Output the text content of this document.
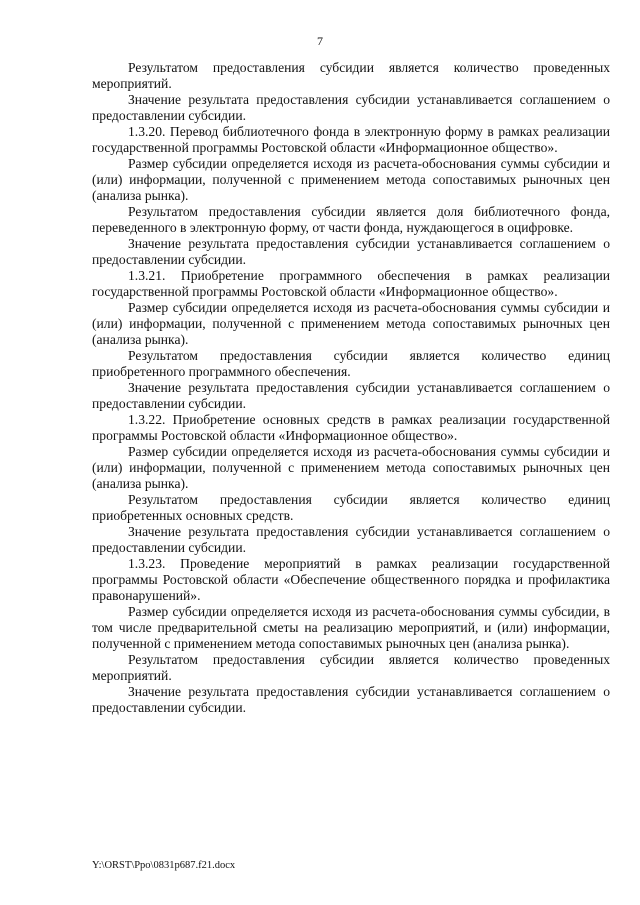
7

Результатом предоставления субсидии является количество проведенных мероприятий.

Значение результата предоставления субсидии устанавливается соглашением о предоставлении субсидии.

1.3.20. Перевод библиотечного фонда в электронную форму в рамках реализации государственной программы Ростовской области «Информационное общество».

Размер субсидии определяется исходя из расчета-обоснования суммы субсидии и (или) информации, полученной с применением метода сопоставимых рыночных цен (анализа рынка).

Результатом предоставления субсидии является доля библиотечного фонда, переведенного в электронную форму, от части фонда, нуждающегося в оцифровке.

Значение результата предоставления субсидии устанавливается соглашением о предоставлении субсидии.

1.3.21. Приобретение программного обеспечения в рамках реализации государственной программы Ростовской области «Информационное общество».

Размер субсидии определяется исходя из расчета-обоснования суммы субсидии и (или) информации, полученной с применением метода сопоставимых рыночных цен (анализа рынка).

Результатом предоставления субсидии является количество единиц приобретенного программного обеспечения.

Значение результата предоставления субсидии устанавливается соглашением о предоставлении субсидии.

1.3.22. Приобретение основных средств в рамках реализации государственной программы Ростовской области «Информационное общество».

Размер субсидии определяется исходя из расчета-обоснования суммы субсидии и (или) информации, полученной с применением метода сопоставимых рыночных цен (анализа рынка).

Результатом предоставления субсидии является количество единиц приобретенных основных средств.

Значение результата предоставления субсидии устанавливается соглашением о предоставлении субсидии.

1.3.23. Проведение мероприятий в рамках реализации государственной программы Ростовской области «Обеспечение общественного порядка и профилактика правонарушений».

Размер субсидии определяется исходя из расчета-обоснования суммы субсидии, в том числе предварительной сметы на реализацию мероприятий, и (или) информации, полученной с применением метода сопоставимых рыночных цен (анализа рынка).

Результатом предоставления субсидии является количество проведенных мероприятий.

Значение результата предоставления субсидии устанавливается соглашением о предоставлении субсидии.

Y:\ORST\Ppo\0831p687.f21.docx
